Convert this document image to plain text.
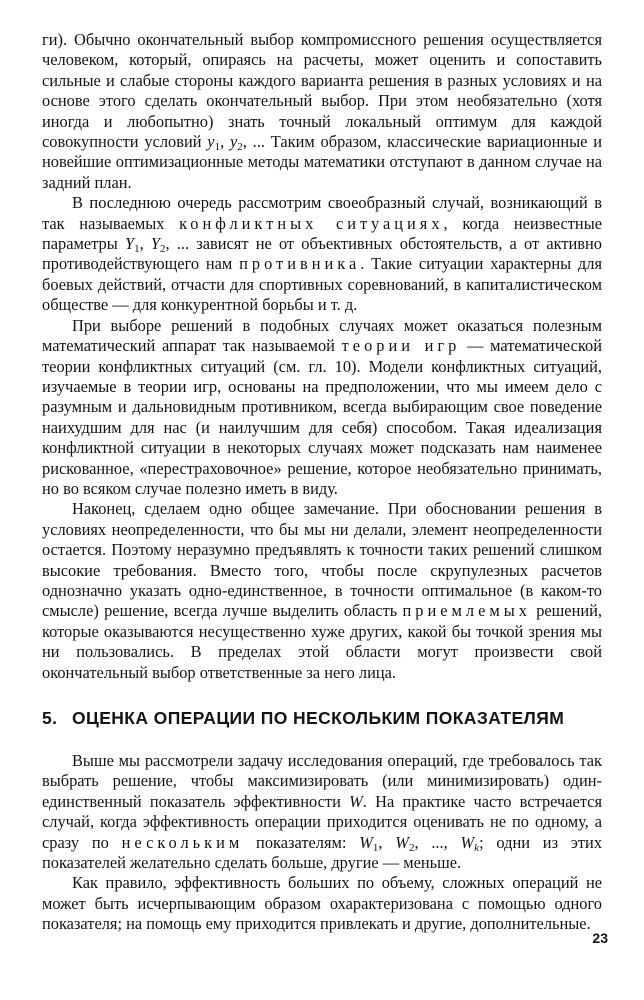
ги). Обычно окончательный выбор компромиссного решения осуществляется человеком, который, опираясь на расчеты, может оценить и сопоставить сильные и слабые стороны каждого варианта решения в разных условиях и на основе этого сделать окончательный выбор. При этом необязательно (хотя иногда и любопытно) знать точный локальный оптимум для каждой совокупности условий $y_1$, $y_2$, ... Таким образом, классические вариационные и новейшие оптимизационные методы математики отступают в данном случае на задний план.

В последнюю очередь рассмотрим своеобразный случай, возникающий в так называемых конфликтных ситуациях, когда неизвестные параметры $Y_1$, $Y_2$, ... зависят не от объективных обстоятельств, а от активно противодействующего нам противника. Такие ситуации характерны для боевых действий, отчасти для спортивных соревнований, в капиталистическом обществе — для конкурентной борьбы и т. д.

При выборе решений в подобных случаях может оказаться полезным математический аппарат так называемой теории игр — математической теории конфликтных ситуаций (см. гл. 10). Модели конфликтных ситуаций, изучаемые в теории игр, основаны на предположении, что мы имеем дело с разумным и дальновидным противником, всегда выбирающим свое поведение наихудшим для нас (и наилучшим для себя) способом. Такая идеализация конфликтной ситуации в некоторых случаях может подсказать нам наименее рискованное, «перестраховочное» решение, которое необязательно принимать, но во всяком случае полезно иметь в виду.

Наконец, сделаем одно общее замечание. При обосновании решения в условиях неопределенности, что бы мы ни делали, элемент неопределенности остается. Поэтому неразумно предъявлять к точности таких решений слишком высокие требования. Вместо того, чтобы после скрупулезных расчетов однозначно указать одно-единственное, в точности оптимальное (в каком-то смысле) решение, всегда лучше выделить область приемлемых решений, которые оказываются несущественно хуже других, какой бы точкой зрения мы ни пользовались. В пределах этой области могут произвести свой окончательный выбор ответственные за него лица.

5. ОЦЕНКА ОПЕРАЦИИ ПО НЕСКОЛЬКИМ ПОКАЗАТЕЛЯМ

Выше мы рассмотрели задачу исследования операций, где требовалось так выбрать решение, чтобы максимизировать (или минимизировать) один-единственный показатель эффективности W. На практике часто встречается случай, когда эффективность операции приходится оценивать не по одному, а сразу по нескольким показателям: $W_1$, $W_2$, ..., $W_k$; одни из этих показателей желательно сделать больше, другие — меньше.

Как правило, эффективность больших по объему, сложных операций не может быть исчерпывающим образом охарактеризована с помощью одного показателя; на помощь ему приходится привлекать и другие, дополнительные.

23
